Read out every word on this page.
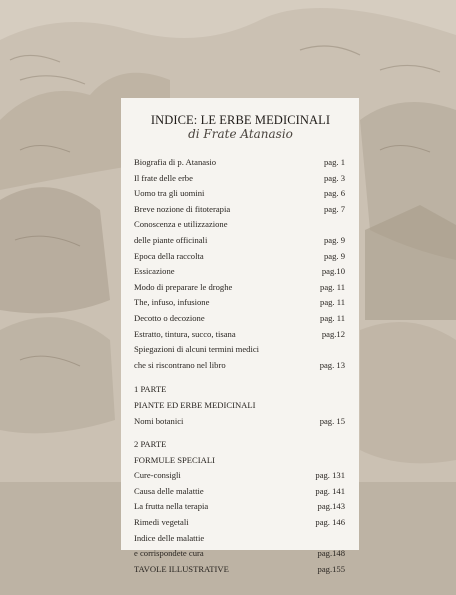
INDICE: LE ERBE MEDICINALI

di Frate Atanasio

Biografia di p. Atanasio	pag. 1
Il frate delle erbe	pag. 3
Uomo tra gli uomini	pag. 6
Breve nozione di fitoterapia	pag. 7
Conoscenza e utilizzazione
delle piante officinali	pag. 9
Epoca della raccolta	pag. 9
Essicazione	pag.10
Modo di preparare le droghe	pag. 11
The, infuso, infusione	pag. 11
Decotto o decozione	pag. 11
Estratto, tintura, succo, tisana	pag.12
Spiegazioni di alcuni termini medici
che si riscontrano nel libro	pag. 13
1 PARTE
PIANTE ED ERBE MEDICINALI
Nomi botanici	pag. 15
2 PARTE
FORMULE SPECIALI
Cure-consigli	pag. 131
Causa delle malattie	pag. 141
La frutta nella terapia	pag.143
Rimedi vegetali	pag. 146
Indice delle malattie
e corrispondete cura	pag.148
TAVOLE ILLUSTRATIVE	pag.155
